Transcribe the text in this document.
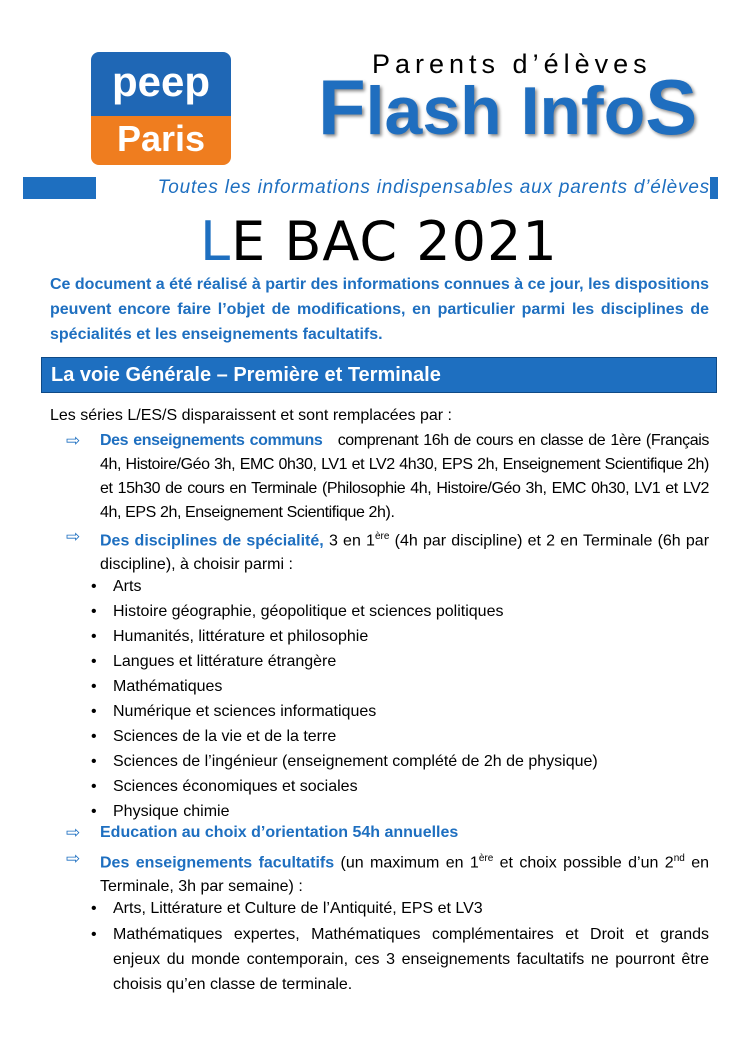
peep
Paris
Parents d’élèves
Flash InfoS
Toutes les informations indispensables aux parents d’élèves
LE BAC 2021
Ce document a été réalisé à partir des informations connues à ce jour, les dispositions peuvent encore faire l’objet de modifications, en particulier parmi les disciplines de spécialités et les enseignements facultatifs.
La voie Générale – Première et Terminale
Les séries L/ES/S disparaissent et sont remplacées par :
⇨ Des enseignements communs comprenant 16h de cours en classe de 1ère (Français 4h, Histoire/Géo 3h, EMC 0h30, LV1 et LV2 4h30, EPS 2h, Enseignement Scientifique 2h) et 15h30 de cours en Terminale (Philosophie 4h, Histoire/Géo 3h, EMC 0h30, LV1 et LV2 4h, EPS 2h, Enseignement Scientifique 2h).
⇨ Des disciplines de spécialité, 3 en 1ère (4h par discipline) et 2 en Terminale (6h par discipline), à choisir parmi :
• Arts
• Histoire géographie, géopolitique et sciences politiques
• Humanités, littérature et philosophie
• Langues et littérature étrangère
• Mathématiques
• Numérique et sciences informatiques
• Sciences de la vie et de la terre
• Sciences de l’ingénieur (enseignement complété de 2h de physique)
• Sciences économiques et sociales
• Physique chimie
⇨ Education au choix d’orientation 54h annuelles
⇨ Des enseignements facultatifs (un maximum en 1ère et choix possible d’un 2nd en Terminale, 3h par semaine) :
• Arts, Littérature et Culture de l’Antiquité, EPS et LV3
• Mathématiques expertes, Mathématiques complémentaires et Droit et grands enjeux du monde contemporain, ces 3 enseignements facultatifs ne pourront être choisis qu’en classe de terminale.
